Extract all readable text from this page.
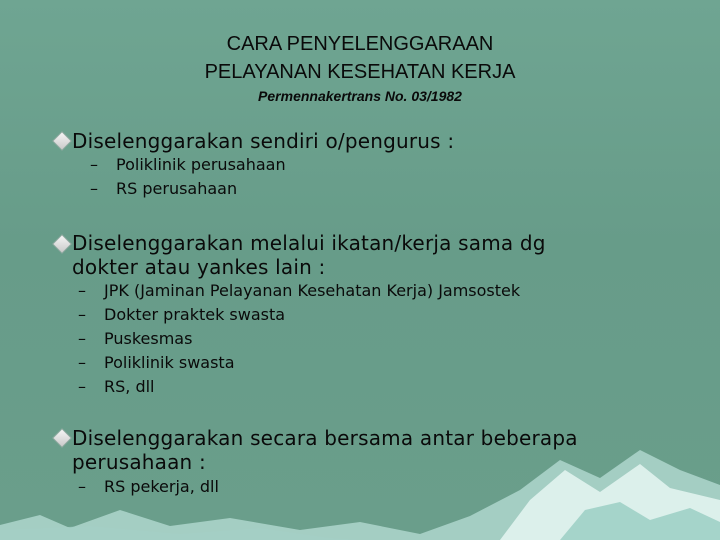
CARA PENYELENGGARAAN
PELAYANAN KESEHATAN KERJA
Permennakertrans No. 03/1982
Diselenggarakan sendiri o/pengurus :
– Poliklinik perusahaan
– RS perusahaan
Diselenggarakan melalui ikatan/kerja sama dg
dokter atau yankes lain :
– JPK (Jaminan Pelayanan Kesehatan Kerja) Jamsostek
– Dokter praktek swasta
– Puskesmas
– Poliklinik swasta
– RS, dll
Diselenggarakan secara bersama antar beberapa
perusahaan :
– RS pekerja, dll
